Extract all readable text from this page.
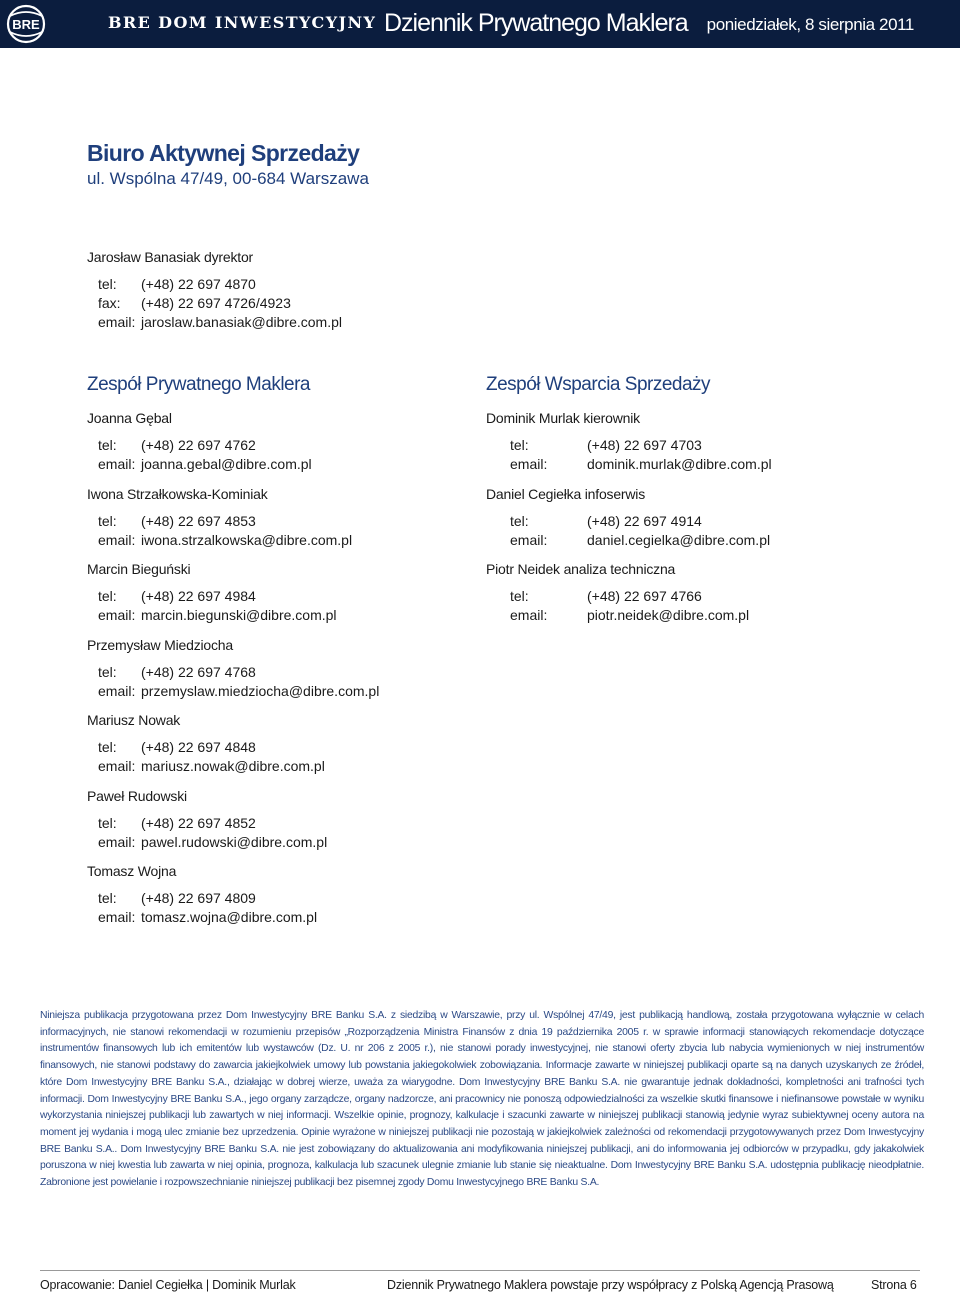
BRE	BRE DOM INWESTYCYJNY Dziennik Prywatnego Maklera poniedziałek, 8 sierpnia 2011
Biuro Aktywnej Sprzedaży
ul. Wspólna 47/49, 00-684 Warszawa
Jarosław Banasiak dyrektor
tel: (+48) 22 697 4870
fax: (+48) 22 697 4726/4923
email: jaroslaw.banasiak@dibre.com.pl
Zespół Prywatnego Maklera
Joanna Gębal
tel: (+48) 22 697 4762
email: joanna.gebal@dibre.com.pl
Iwona Strzałkowska-Kominiak
tel: (+48) 22 697 4853
email: iwona.strzalkowska@dibre.com.pl
Marcin Bieguński
tel: (+48) 22 697 4984
email: marcin.biegunski@dibre.com.pl
Przemysław Miedziocha
tel: (+48) 22 697 4768
email: przemyslaw.miedziocha@dibre.com.pl
Mariusz Nowak
tel: (+48) 22 697 4848
email: mariusz.nowak@dibre.com.pl
Paweł Rudowski
tel: (+48) 22 697 4852
email: pawel.rudowski@dibre.com.pl
Tomasz Wojna
tel: (+48) 22 697 4809
email: tomasz.wojna@dibre.com.pl
Zespół Wsparcia Sprzedaży
Dominik Murlak kierownik
tel:	(+48) 22 697 4703
email:	dominik.murlak@dibre.com.pl
Daniel Cegiełka infoserwis
tel:	(+48) 22 697 4914
email:	daniel.cegielka@dibre.com.pl
Piotr Neidek analiza techniczna
tel:	(+48) 22 697 4766
email:	piotr.neidek@dibre.com.pl
Niniejsza publikacja przygotowana przez Dom Inwestycyjny BRE Banku S.A. z siedzibą w Warszawie, przy ul. Wspólnej 47/49, jest publikacją handlową, została przygotowana wyłącznie w celach informacyjnych, nie stanowi rekomendacji w rozumieniu przepisów „Rozporządzenia Ministra Finansów z dnia 19 października 2005 r. w sprawie informacji stanowiących rekomendacje dotyczące instrumentów finansowych lub ich emitentów lub wystawców (Dz. U. nr 206 z 2005 r.), nie stanowi porady inwestycyjnej, nie stanowi oferty zbycia lub nabycia wymienionych w niej instrumentów finansowych, nie stanowi podstawy do zawarcia jakiejkolwiek umowy lub powstania jakiegokolwiek zobowiązania. Informacje zawarte w niniejszej publikacji oparte są na danych uzyskanych ze źródeł, które Dom Inwestycyjny BRE Banku S.A., działając w dobrej wierze, uważa za wiarygodne. Dom Inwestycyjny BRE Banku S.A. nie gwarantuje jednak dokładności, kompletności ani trafności tych informacji. Dom Inwestycyjny BRE Banku S.A., jego organy zarządcze, organy nadzorcze, ani pracownicy nie ponoszą odpowiedzialności za wszelkie skutki finansowe i niefinansowe powstałe w wyniku wykorzystania niniejszej publikacji lub zawartych w niej informacji. Wszelkie opinie, prognozy, kalkulacje i szacunki zawarte w niniejszej publikacji stanowią jedynie wyraz subiektywnej oceny autora na moment jej wydania i mogą ulec zmianie bez uprzedzenia. Opinie wyrażone w niniejszej publikacji nie pozostają w jakiejkolwiek zależności od rekomendacji przygotowywanych przez Dom Inwestycyjny BRE Banku S.A.. Dom Inwestycyjny BRE Banku S.A. nie jest zobowiązany do aktualizowania ani modyfikowania niniejszej publikacji, ani do informowania jej odbiorców w przypadku, gdy jakakolwiek poruszona w niej kwestia lub zawarta w niej opinia, prognoza, kalkulacja lub szacunek ulegnie zmianie lub stanie się nieaktualne. Dom Inwestycyjny BRE Banku S.A. udostępnia publikację nieodpłatnie. Zabronione jest powielanie i rozpowszechnianie niniejszej publikacji bez pisemnej zgody Domu Inwestycyjnego BRE Banku S.A.
Opracowanie: Daniel Cegiełka | Dominik Murlak	Dziennik Prywatnego Maklera powstaje przy współpracy z Polską Agencją Prasową	Strona 6
